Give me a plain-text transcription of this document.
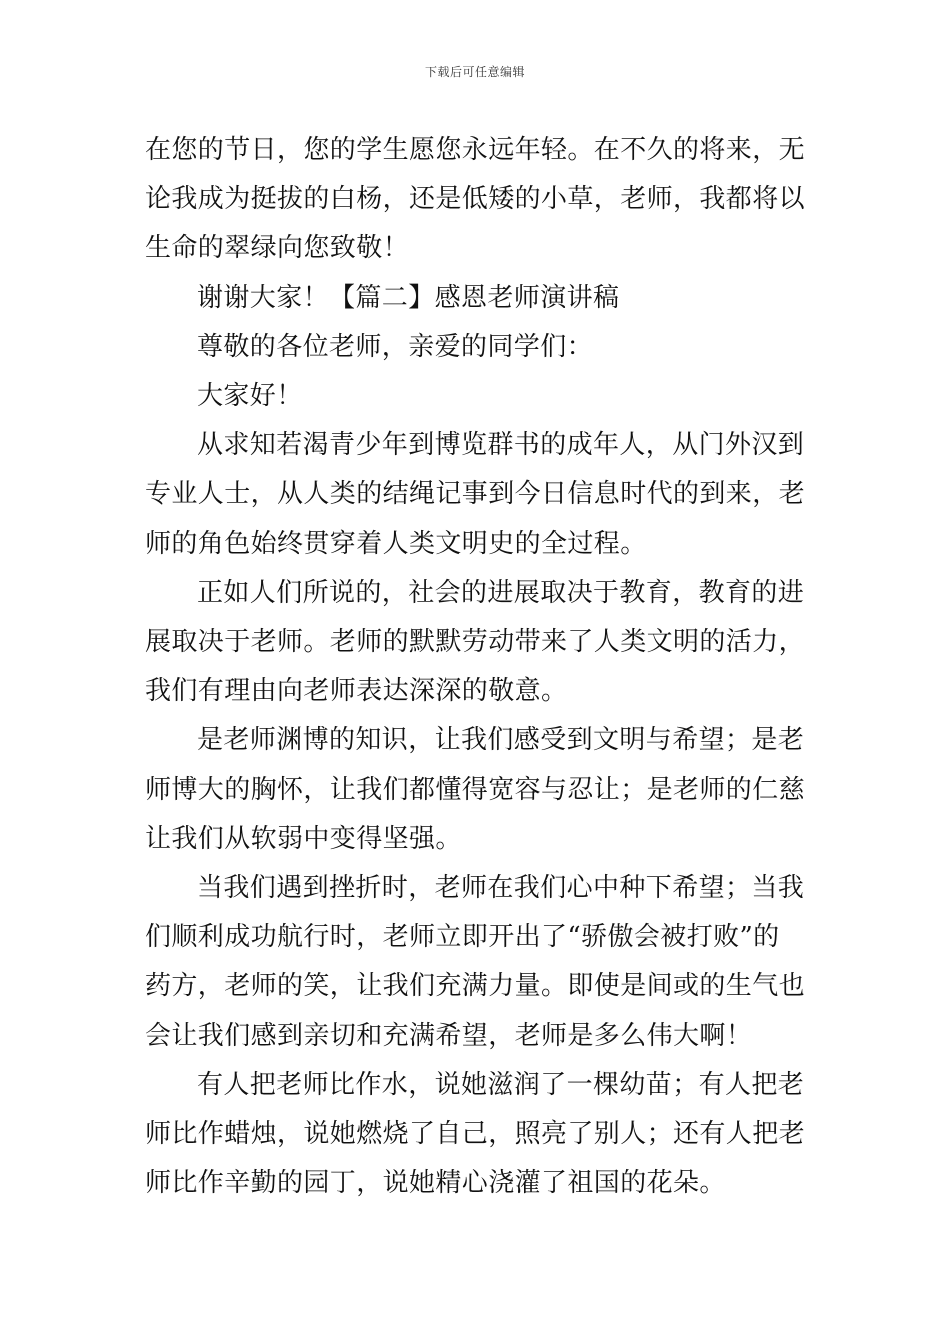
下载后可任意编辑

在您的节日，您的学生愿您永远年轻。在不久的将来，无
论我成为挺拔的白杨，还是低矮的小草，老师，我都将以
生命的翠绿向您致敬！

谢谢大家！【篇二】感恩老师演讲稿

尊敬的各位老师，亲爱的同学们：

大家好！

从求知若渴青少年到博览群书的成年人，从门外汉到

专业人士，从人类的结绳记事到今日信息时代的到来，老
师的角色始终贯穿着人类文明史的全过程。

正如人们所说的，社会的进展取决于教育，教育的进

展取决于老师。老师的默默劳动带来了人类文明的活力，
我们有理由向老师表达深深的敬意。

是老师渊博的知识，让我们感受到文明与希望；是老

师博大的胸怀，让我们都懂得宽容与忍让；是老师的仁慈
让我们从软弱中变得坚强。

当我们遇到挫折时，老师在我们心中种下希望；当我

们顺利成功航行时，老师立即开出了“骄傲会被打败”的
药方，老师的笑，让我们充满力量。即使是间或的生气也
会让我们感到亲切和充满希望，老师是多么伟大啊！

有人把老师比作水，说她滋润了一棵幼苗；有人把老

师比作蜡烛，说她燃烧了自己，照亮了别人；还有人把老
师比作辛勤的园丁，说她精心浇灌了祖国的花朵。
